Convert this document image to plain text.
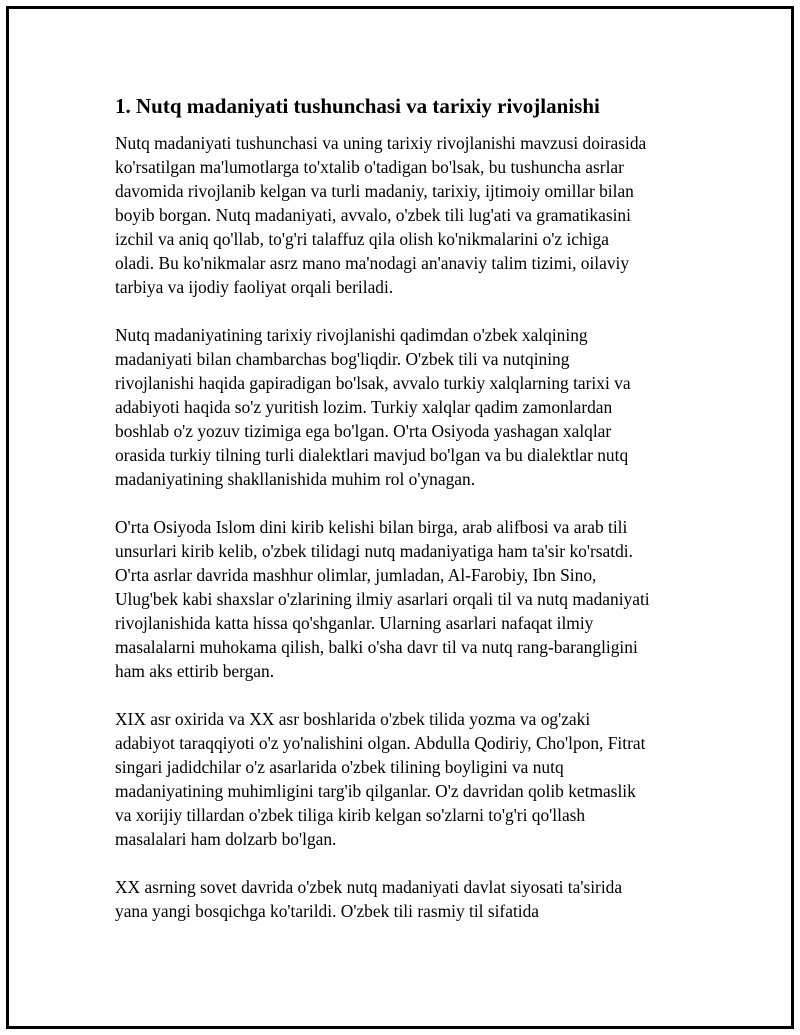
1. Nutq madaniyati tushunchasi va tarixiy rivojlanishi

Nutq madaniyati tushunchasi va uning tarixiy rivojlanishi mavzusi doirasida
ko'rsatilgan ma'lumotlarga to'xtalib o'tadigan bo'lsak, bu tushuncha asrlar
davomida rivojlanib kelgan va turli madaniy, tarixiy, ijtimoiy omillar bilan
boyib borgan. Nutq madaniyati, avvalo, o'zbek tili lug'ati va gramatikasini
izchil va aniq qo'llab, to'g'ri talaffuz qila olish ko'nikmalarini o'z ichiga
oladi. Bu ko'nikmalar asrz mano ma'nodagi an'anaviy talim tizimi, oilaviy
tarbiya va ijodiy faoliyat orqali beriladi.

Nutq madaniyatining tarixiy rivojlanishi qadimdan o'zbek xalqining
madaniyati bilan chambarchas bog'liqdir. O'zbek tili va nutqining
rivojlanishi haqida gapiradigan bo'lsak, avvalo turkiy xalqlarning tarixi va
adabiyoti haqida so'z yuritish lozim. Turkiy xalqlar qadim zamonlardan
boshlab o'z yozuv tizimiga ega bo'lgan. O'rta Osiyoda yashagan xalqlar
orasida turkiy tilning turli dialektlari mavjud bo'lgan va bu dialektlar nutq
madaniyatining shakllanishida muhim rol o'ynagan.

O'rta Osiyoda Islom dini kirib kelishi bilan birga, arab alifbosi va arab tili
unsurlari kirib kelib, o'zbek tilidagi nutq madaniyatiga ham ta'sir ko'rsatdi.
O'rta asrlar davrida mashhur olimlar, jumladan, Al-Farobiy, Ibn Sino,
Ulug'bek kabi shaxslar o'zlarining ilmiy asarlari orqali til va nutq madaniyati
rivojlanishida katta hissa qo'shganlar. Ularning asarlari nafaqat ilmiy
masalalarni muhokama qilish, balki o'sha davr til va nutq rang-barangligini
ham aks ettirib bergan.

XIX asr oxirida va XX asr boshlarida o'zbek tilida yozma va og'zaki
adabiyot taraqqiyoti o'z yo'nalishini olgan. Abdulla Qodiriy, Cho'lpon, Fitrat
singari jadidchilar o'z asarlarida o'zbek tilining boyligini va nutq
madaniyatining muhimligini targ'ib qilganlar. O'z davridan qolib ketmaslik
va xorijiy tillardan o'zbek tiliga kirib kelgan so'zlarni to'g'ri qo'llash
masalalari ham dolzarb bo'lgan.

XX asrning sovet davrida o'zbek nutq madaniyati davlat siyosati ta'sirida
yana yangi bosqichga ko'tarildi. O'zbek tili rasmiy til sifatida
